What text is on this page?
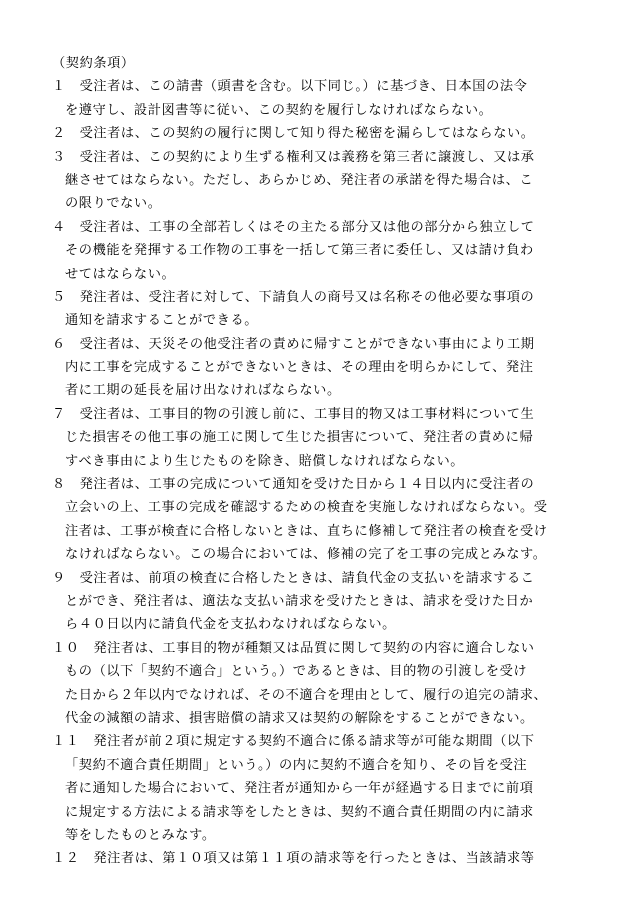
（契約条項）
１　受注者は、この請書（頭書を含む。以下同じ。）に基づき、日本国の法令
を遵守し、設計図書等に従い、この契約を履行しなければならない。
２　受注者は、この契約の履行に関して知り得た秘密を漏らしてはならない。
３　受注者は、この契約により生ずる権利又は義務を第三者に譲渡し、又は承
継させてはならない。ただし、あらかじめ、発注者の承諾を得た場合は、こ
の限りでない。
４　受注者は、工事の全部若しくはその主たる部分又は他の部分から独立して
その機能を発揮する工作物の工事を一括して第三者に委任し、又は請け負わ
せてはならない。
５　発注者は、受注者に対して、下請負人の商号又は名称その他必要な事項の
通知を請求することができる。
６　受注者は、天災その他受注者の責めに帰すことができない事由により工期
内に工事を完成することができないときは、その理由を明らかにして、発注
者に工期の延長を届け出なければならない。
７　受注者は、工事目的物の引渡し前に、工事目的物又は工事材料について生
じた損害その他工事の施工に関して生じた損害について、発注者の責めに帰
すべき事由により生じたものを除き、賠償しなければならない。
８　発注者は、工事の完成について通知を受けた日から１４日以内に受注者の
立会いの上、工事の完成を確認するための検査を実施しなければならない。受
注者は、工事が検査に合格しないときは、直ちに修補して発注者の検査を受け
なければならない。この場合においては、修補の完了を工事の完成とみなす。
９　受注者は、前項の検査に合格したときは、請負代金の支払いを請求するこ
とができ、発注者は、適法な支払い請求を受けたときは、請求を受けた日か
ら４０日以内に請負代金を支払わなければならない。
１０　発注者は、工事目的物が種類又は品質に関して契約の内容に適合しない
もの（以下「契約不適合」という。）であるときは、目的物の引渡しを受け
た日から２年以内でなければ、その不適合を理由として、履行の追完の請求、
代金の減額の請求、損害賠償の請求又は契約の解除をすることができない。
１１　発注者が前２項に規定する契約不適合に係る請求等が可能な期間（以下
「契約不適合責任期間」という。）の内に契約不適合を知り、その旨を受注
者に通知した場合において、発注者が通知から一年が経過する日までに前項
に規定する方法による請求等をしたときは、契約不適合責任期間の内に請求
等をしたものとみなす。
１２　発注者は、第１０項又は第１１項の請求等を行ったときは、当該請求等
